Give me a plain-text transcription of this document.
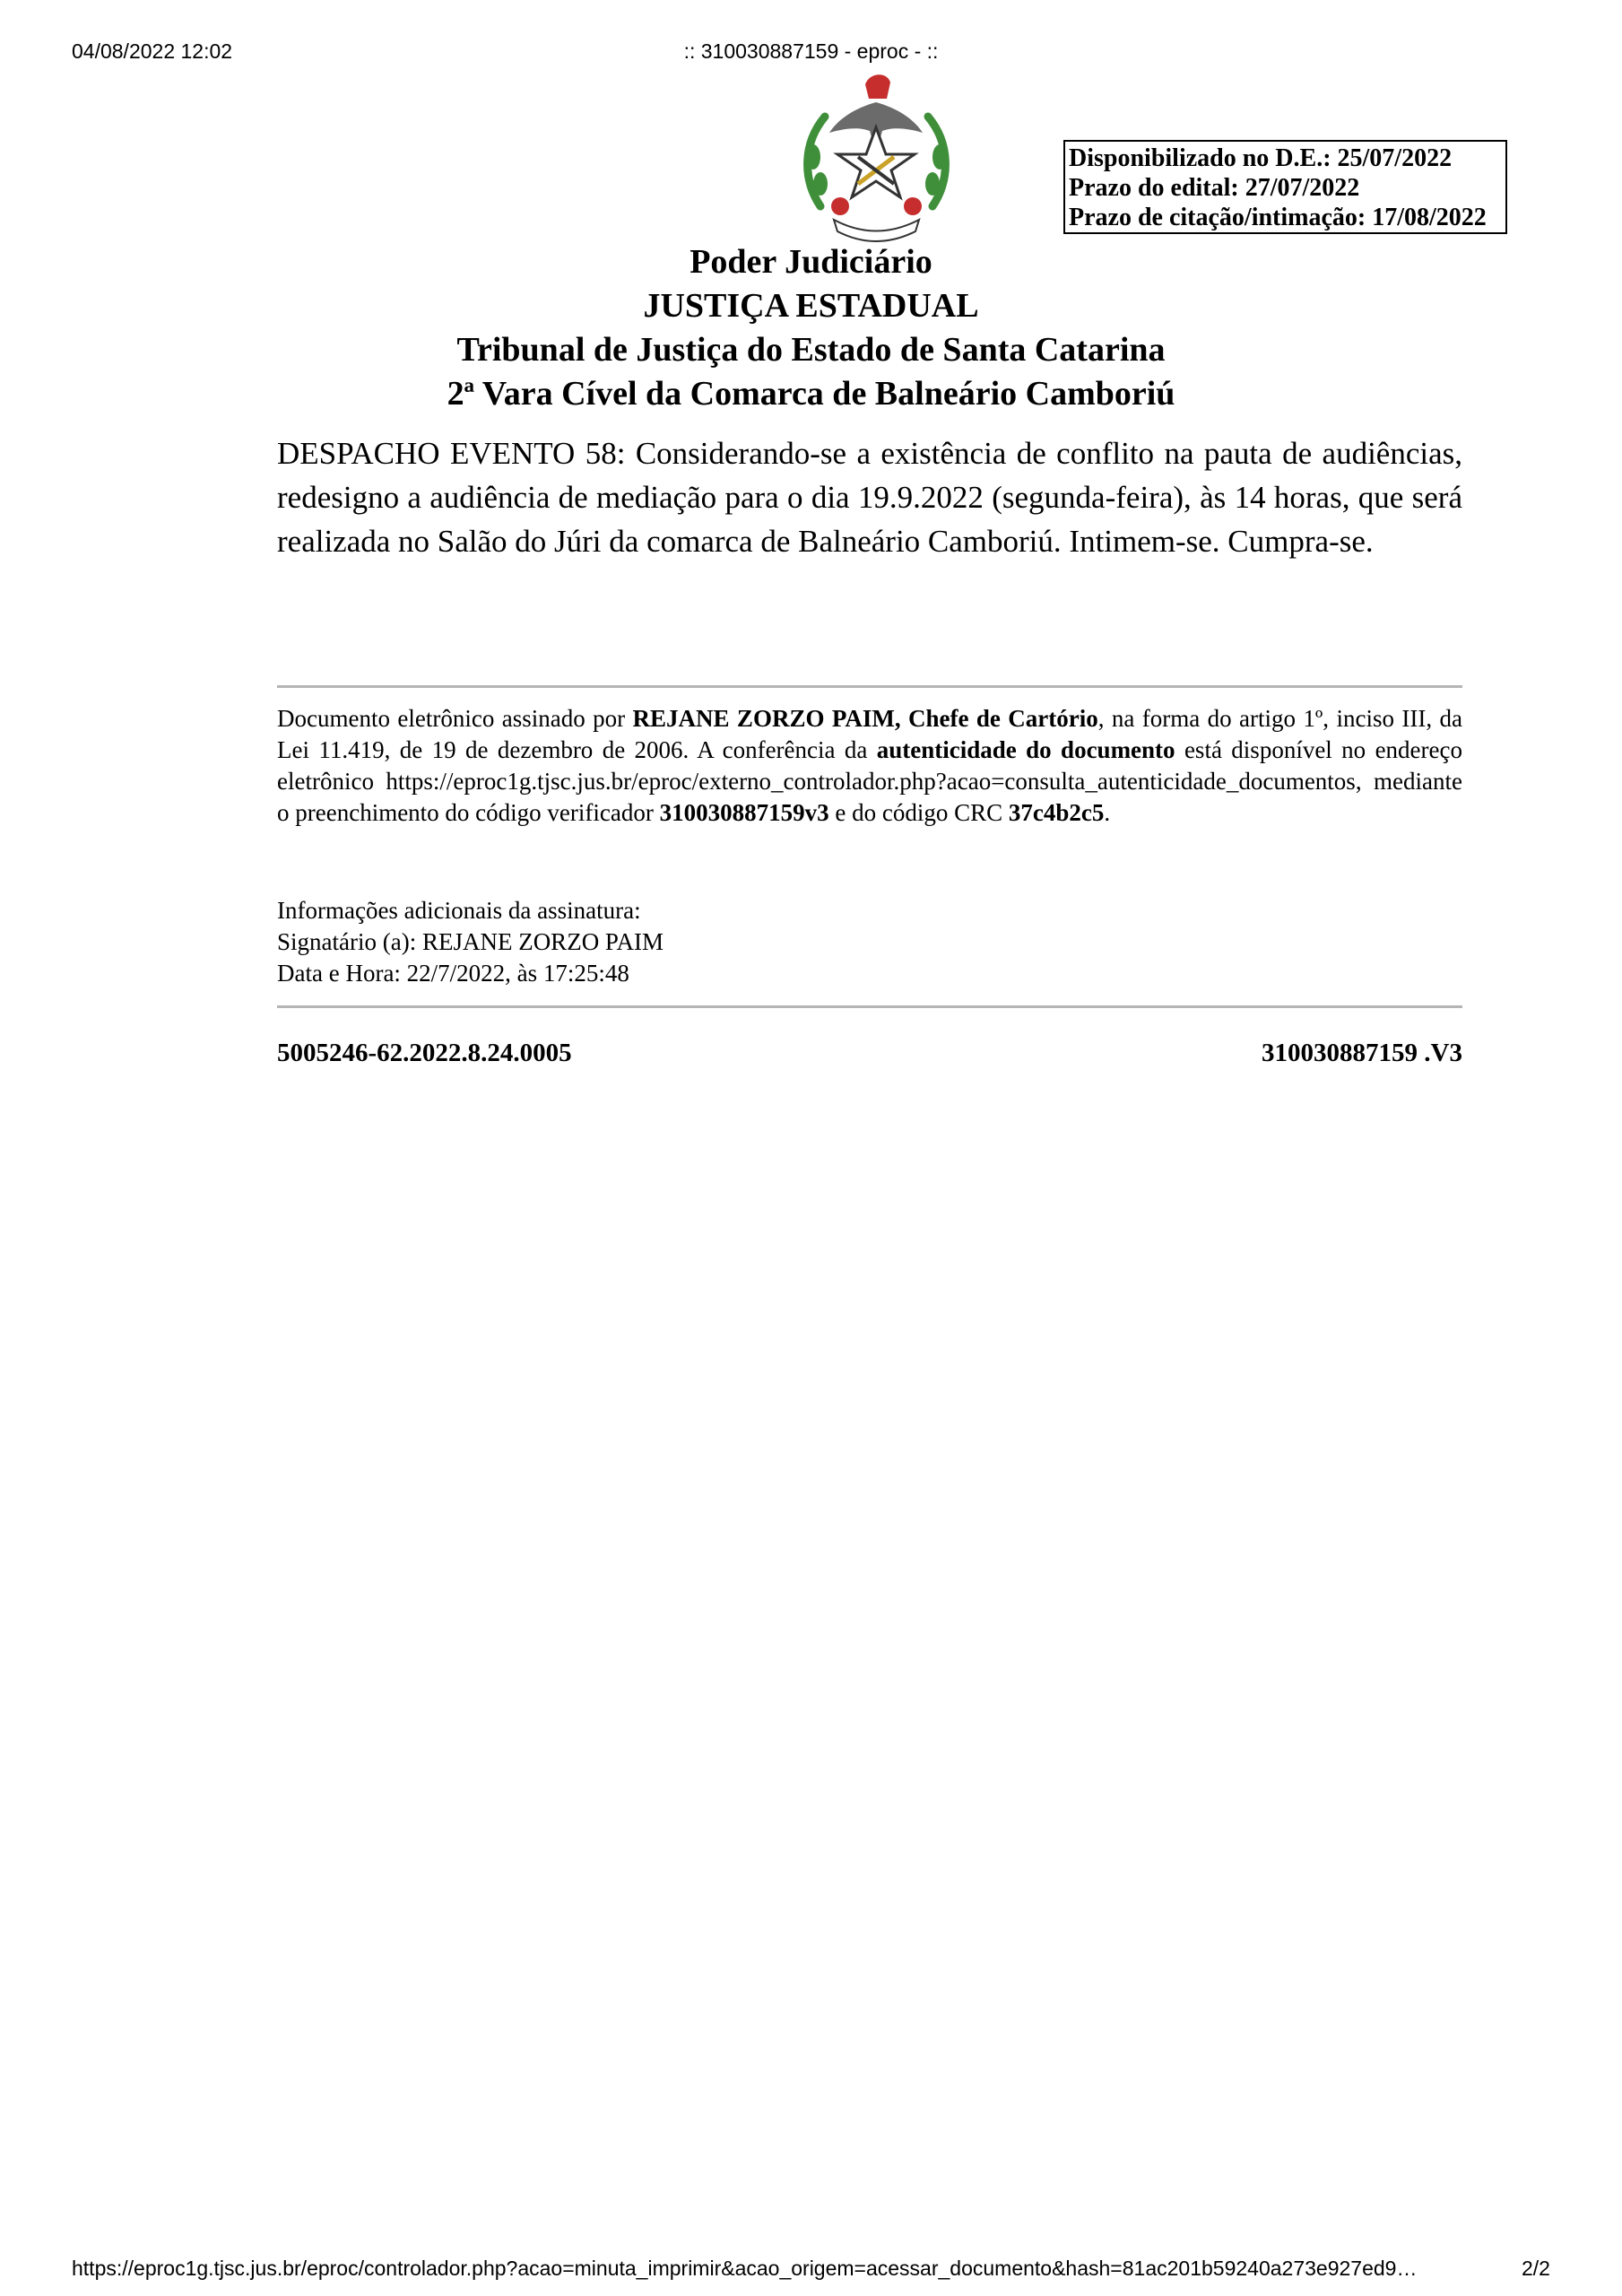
:: 310030887159 - eproc - ::
04/08/2022 12:02
Disponibilizado no D.E.: 25/07/2022
Prazo do edital: 27/07/2022
Prazo de citação/intimação: 17/08/2022
Poder Judiciário
JUSTIÇA ESTADUAL
Tribunal de Justiça do Estado de Santa Catarina
2ª Vara Cível da Comarca de Balneário Camboriú
DESPACHO EVENTO 58: Considerando-se a existência de conflito na pauta de audiências, redesigno a audiência de mediação para o dia 19.9.2022 (segunda-feira), às 14 horas, que será realizada no Salão do Júri da comarca de Balneário Camboriú. Intimem-se. Cumpra-se.
Documento eletrônico assinado por REJANE ZORZO PAIM, Chefe de Cartório, na forma do artigo 1º, inciso III, da Lei 11.419, de 19 de dezembro de 2006. A conferência da autenticidade do documento está disponível no endereço eletrônico https://eproc1g.tjsc.jus.br/eproc/externo_controlador.php?acao=consulta_autenticidade_documentos, mediante o preenchimento do código verificador 310030887159v3 e do código CRC 37c4b2c5.
Informações adicionais da assinatura:
Signatário (a): REJANE ZORZO PAIM
Data e Hora: 22/7/2022, às 17:25:48
5005246-62.2022.8.24.0005	310030887159 .V3
https://eproc1g.tjsc.jus.br/eproc/controlador.php?acao=minuta_imprimir&acao_origem=acessar_documento&hash=81ac201b59240a273e927ed9…	2/2
